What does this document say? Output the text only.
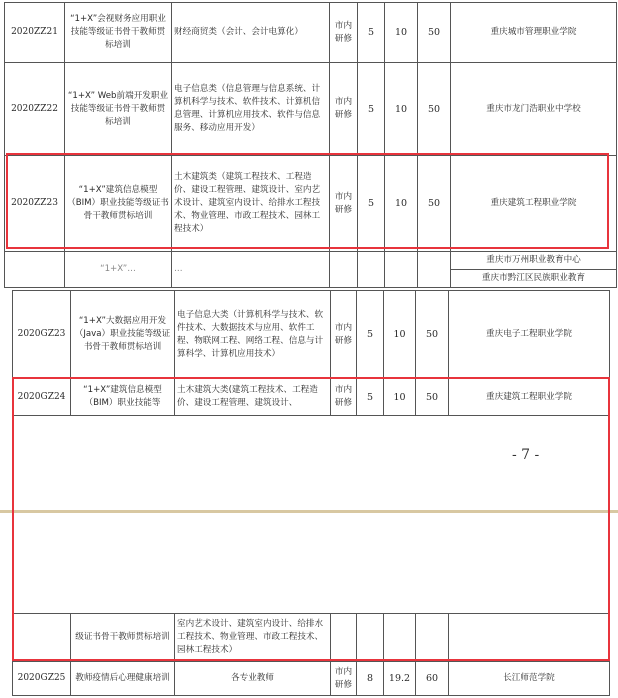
2020ZZ21	“1+X”会视财务应用职业技能等级证书骨干教师贯标培训	财经商贸类（会计、会计电算化）	市内研修	5	10	50	重庆城市管理职业学院
2020ZZ22	“1+X” Web前端开发职业技能等级证书骨干教师贯标培训	电子信息类（信息管理与信息系统、计算机科学与技术、软件技术、计算机信息管理、计算机应用技术、软件与信息服务、移动应用开发）	市内研修	5	10	50	重庆市龙门浩职业中学校
2020ZZ23	“1+X”建筑信息模型（BIM）职业技能等级证书骨干教师贯标培训	土木建筑类（建筑工程技术、工程造价、建设工程管理、建筑设计、室内艺术设计、建筑室内设计、给排水工程技术、物业管理、市政工程技术、园林工程技术）	市内研修	5	10	50	重庆建筑工程职业学院
	“1+X”…	…					重庆市万州职业教育中心
重庆市黔江区民族职业教育
2020GZ23	“1+X”大数据应用开发（Java）职业技能等级证书骨干教师贯标培训	电子信息大类（计算机科学与技术、软件技术、大数据技术与应用、软件工程、物联网工程、网络工程、信息与计算科学、计算机应用技术）	市内研修	5	10	50	重庆电子工程职业学院
2020GZ24	“1+X”建筑信息模型（BIM）职业技能等	土木建筑大类(建筑工程技术、工程造价、建设工程管理、建筑设计、	市内研修	5	10	50	重庆建筑工程职业学院
- 7 -
	级证书骨干教师贯标培训	室内艺术设计、建筑室内设计、给排水工程技术、物业管理、市政工程技术、园林工程技术）					
2020GZ25	教师疫情后心理健康培训	各专业教师	市内研修	8	19.2	60	长江师范学院
